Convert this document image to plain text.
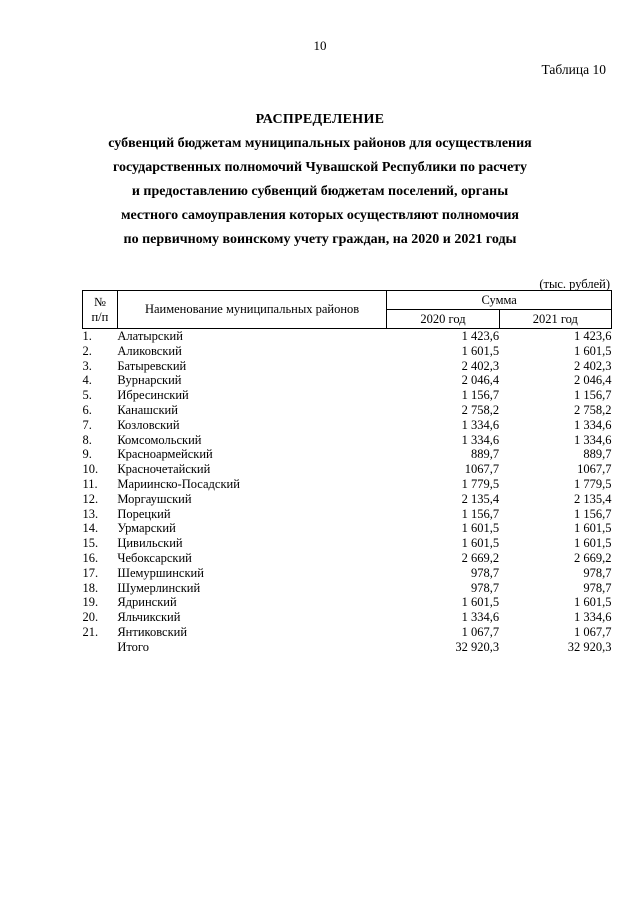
10
Таблица 10
РАСПРЕДЕЛЕНИЕ
субвенций бюджетам муниципальных районов для осуществления
государственных полномочий Чувашской Республики по расчету
и предоставлению субвенций бюджетам поселений, органы
местного самоуправления которых осуществляют полномочия
по первичному воинскому учету граждан, на 2020 и 2021 годы
(тыс. рублей)
№
п/п	Наименование муниципальных районов	Сумма	
		2020 год	2021 год
1.	Алатырский	1 423,6	1 423,6
2.	Аликовский	1 601,5	1 601,5
3.	Батыревский	2 402,3	2 402,3
4.	Вурнарский	2 046,4	2 046,4
5.	Ибресинский	1 156,7	1 156,7
6.	Канашский	2 758,2	2 758,2
7.	Козловский	1 334,6	1 334,6
8.	Комсомольский	1 334,6	1 334,6
9.	Красноармейский	889,7	889,7
10.	Красночетайский	1067,7	1067,7
11.	Мариинско-Посадский	1 779,5	1 779,5
12.	Моргаушский	2 135,4	2 135,4
13.	Порецкий	1 156,7	1 156,7
14.	Урмарский	1 601,5	1 601,5
15.	Цивильский	1 601,5	1 601,5
16.	Чебоксарский	2 669,2	2 669,2
17.	Шемуршинский	978,7	978,7
18.	Шумерлинский	978,7	978,7
19.	Ядринский	1 601,5	1 601,5
20.	Яльчикский	1 334,6	1 334,6
21.	Янтиковский	1 067,7	1 067,7
	Итого	32 920,3	32 920,3
